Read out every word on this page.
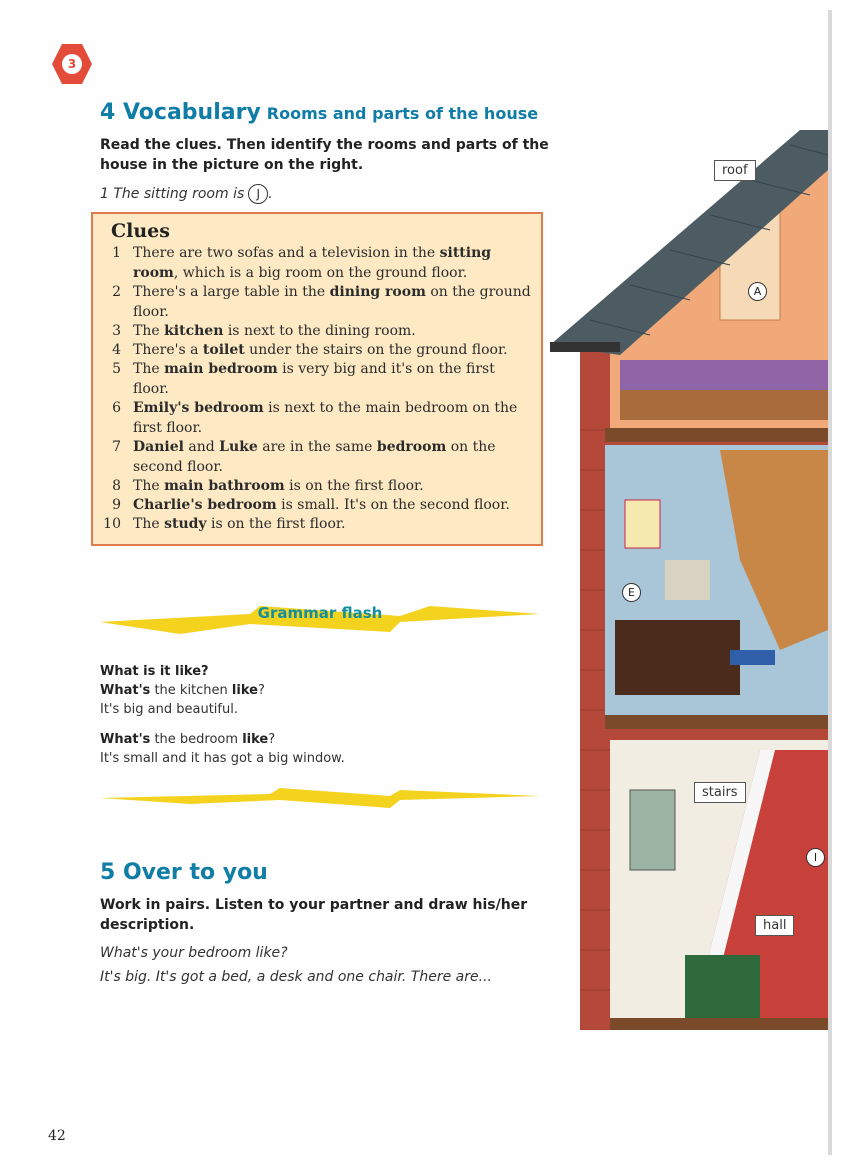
3
4 Vocabulary Rooms and parts of the house
Read the clues. Then identify the rooms and parts of the
house in the picture on the right.
1 The sitting room is J .
Clues
1 There are two sofas and a television in the sitting room, which is a big room on the ground floor.
2 There's a large table in the dining room on the ground floor.
3 The kitchen is next to the dining room.
4 There's a toilet under the stairs on the ground floor.
5 The main bedroom is very big and it's on the first floor.
6 Emily's bedroom is next to the main bedroom on the first floor.
7 Daniel and Luke are in the same bedroom on the second floor.
8 The main bathroom is on the first floor.
9 Charlie's bedroom is small. It's on the second floor.
10 The study is on the first floor.
Grammar flash
What is it like?
What's the kitchen like?
It's big and beautiful.
What's the bedroom like?
It's small and it has got a big window.
5 Over to you
Work in pairs. Listen to your partner and draw his/her
description.
What's your bedroom like?
It's big. It's got a bed, a desk and one chair. There are...
42
roof
stairs
hall
A
E
I
